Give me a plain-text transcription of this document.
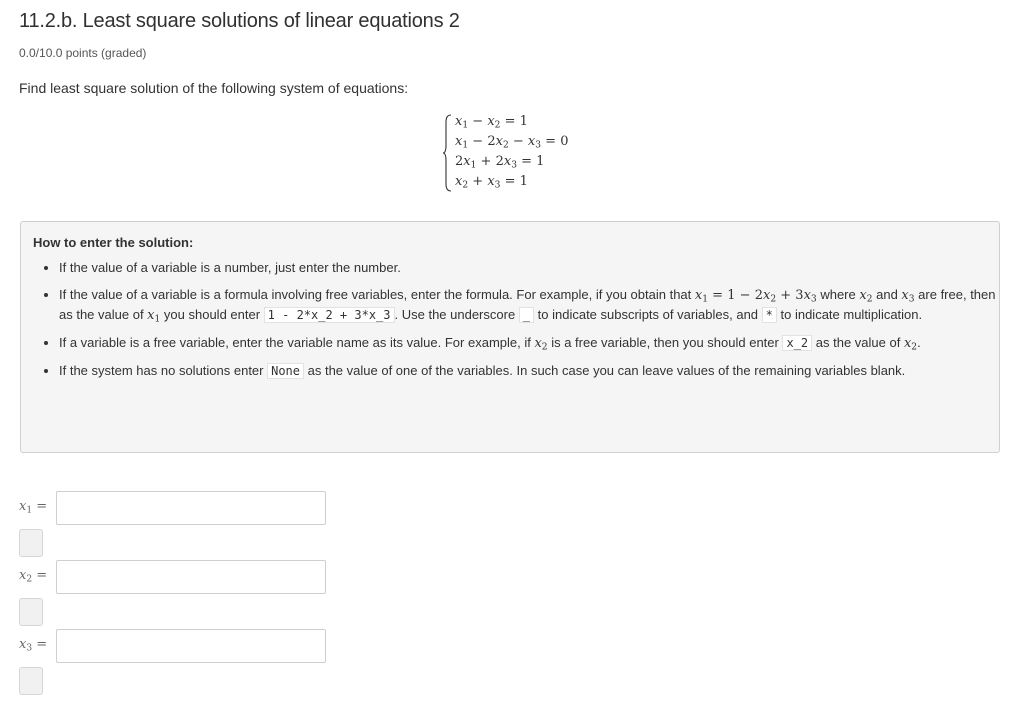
11.2.b. Least square solutions of linear equations 2
0.0/10.0 points (graded)
Find least square solution of the following system of equations:
$x_1 - x_2 = 1$
$x_1 - 2x_2 - x_3 = 0$
$2x_1 + 2x_3 = 1$
$x_2 + x_3 = 1$
How to enter the solution:
• If the value of a variable is a number, just enter the number.
• If the value of a variable is a formula involving free variables, enter the formula. For example, if you obtain that $x_1 = 1 - 2x_2 + 3x_3$ where $x_2$ and $x_3$ are free, then as the value of $x_1$ you should enter 1 - 2*x_2 + 3*x_3 . Use the underscore _ to indicate subscripts of variables, and * to indicate multiplication.
• If a variable is a free variable, enter the variable name as its value. For example, if $x_2$ is a free variable, then you should enter x_2 as the value of $x_2$.
• If the system has no solutions enter None as the value of one of the variables. In such case you can leave values of the remaining variables blank.
$x_1$ =
$x_2$ =
$x_3$ =
